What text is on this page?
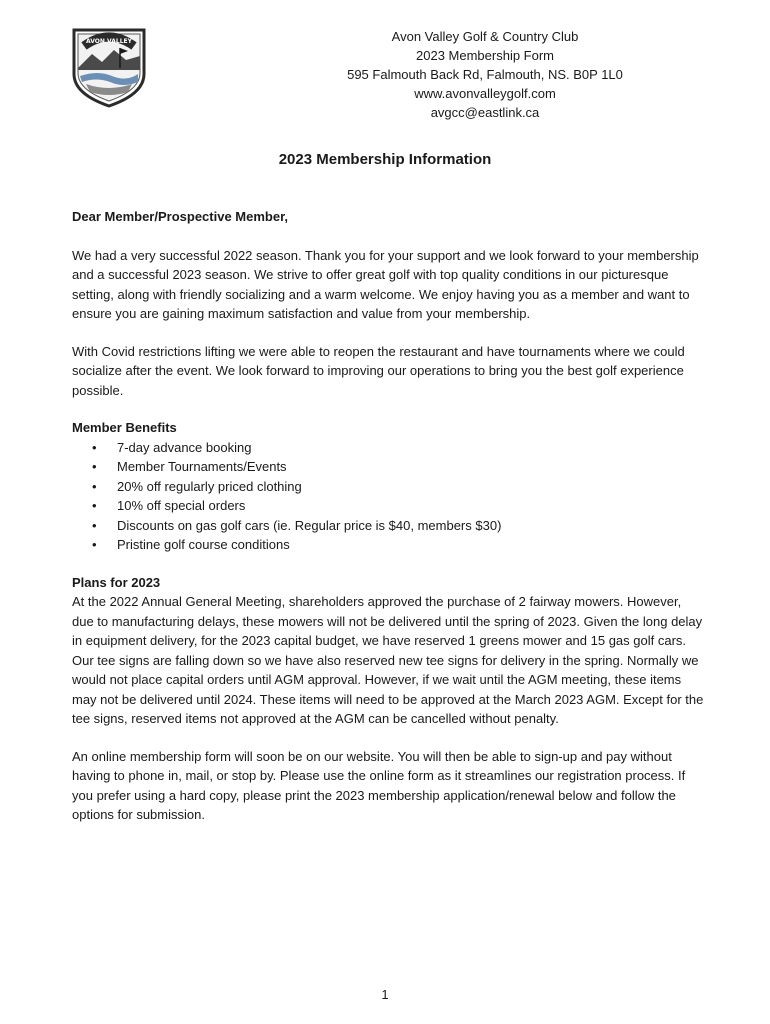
AVON VALLEY	Avon Valley Golf & Country Club
2023 Membership Form
595 Falmouth Back Rd, Falmouth, NS. B0P 1L0
www.avonvalleygolf.com
avgcc@eastlink.ca
2023 Membership Information

Dear Member/Prospective Member,

We had a very successful 2022 season. Thank you for your support and we look forward to your membership and a successful 2023 season. We strive to offer great golf with top quality conditions in our picturesque setting, along with friendly socializing and a warm welcome. We enjoy having you as a member and want to ensure you are gaining maximum satisfaction and value from your membership.

With Covid restrictions lifting we were able to reopen the restaurant and have tournaments where we could socialize after the event. We look forward to improving our operations to bring you the best golf experience possible.

Member Benefits

• 7-day advance booking
• Member Tournaments/Events
• 20% off regularly priced clothing
• 10% off special orders
• Discounts on gas golf cars (ie. Regular price is $40, members $30)
• Pristine golf course conditions

Plans for 2023

At the 2022 Annual General Meeting, shareholders approved the purchase of 2 fairway mowers. However, due to manufacturing delays, these mowers will not be delivered until the spring of 2023. Given the long delay in equipment delivery, for the 2023 capital budget, we have reserved 1 greens mower and 15 gas golf cars. Our tee signs are falling down so we have also reserved new tee signs for delivery in the spring. Normally we would not place capital orders until AGM approval. However, if we wait until the AGM meeting, these items may not be delivered until 2024. These items will need to be approved at the March 2023 AGM. Except for the tee signs, reserved items not approved at the AGM can be cancelled without penalty.

An online membership form will soon be on our website. You will then be able to sign-up and pay without having to phone in, mail, or stop by. Please use the online form as it streamlines our registration process. If you prefer using a hard copy, please print the 2023 membership application/renewal below and follow the options for submission.

1
